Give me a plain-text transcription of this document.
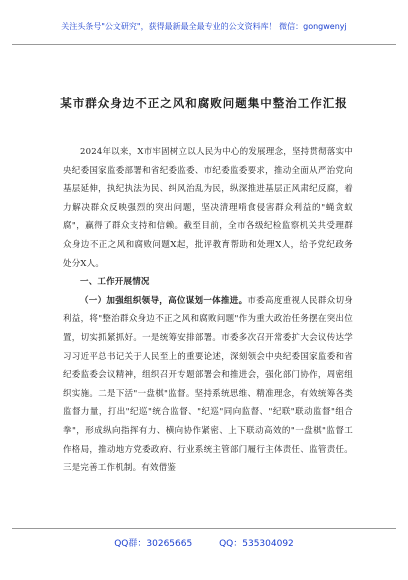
关注头条号"公文研究"，获得最新最全最专业的公文资料库！ 微信：gongwenyj
某市群众身边不正之风和腐败问题集中整治工作汇报

2024年以来，X市牢固树立以人民为中心的发展理念，坚持贯彻落实中央纪委国家监委部署和省纪委监委、市纪委监委要求，推动全面从严治党向基层延伸，执纪执法为民、纠风治乱为民，纵深推进基层正风肃纪反腐，着力解决群众反映强烈的突出问题，坚决清理啃食侵害群众利益的"蝇贪蚁腐"，赢得了群众支持和信赖。截至目前，全市各级纪检监察机关共受理群众身边不正之风和腐败问题X起，批评教育帮助和处理X人，给予党纪政务处分X人。

一、工作开展情况

（一）加强组织领导，高位谋划一体推进。市委高度重视人民群众切身利益，将"整治群众身边不正之风和腐败问题"作为重大政治任务摆在突出位置，切实抓紧抓好。一是统筹安排部署。市委多次召开常委扩大会议传达学习习近平总书记关于人民至上的重要论述，深刻领会中央纪委国家监委和省纪委监委会议精神，组织召开专题部署会和推进会，强化部门协作，周密组织实施。二是下活"一盘棋"监督。坚持系统思维、精准理念，有效统筹各类监督力量，打出"纪巡"统合监督、"纪巡"同向监督、"纪联"联动监督"组合拳"，形成纵向指挥有力、横向协作紧密、上下联动高效的"一盘棋"监督工作格局，推动地方党委政府、行业系统主管部门履行主体责任、监管责任。三是完善工作机制。有效借鉴

QQ群：30265665	QQ：535304092
